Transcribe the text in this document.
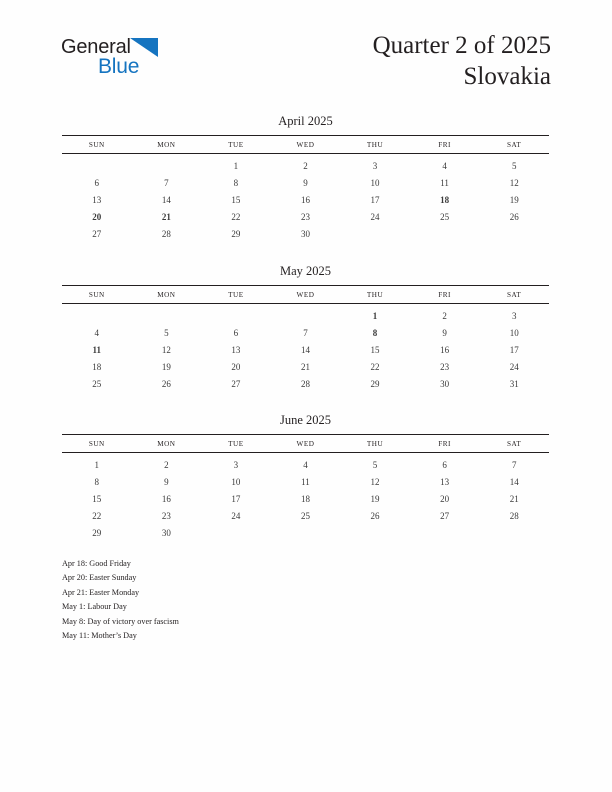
General
Blue
Quarter 2 of 2025
Slovakia
April 2025
SUN	MON	TUE	WED	THU	FRI	SAT
		1	2	3	4	5
6	7	8	9	10	11	12
13	14	15	16	17	18	19
20	21	22	23	24	25	26
27	28	29	30			
May 2025
SUN	MON	TUE	WED	THU	FRI	SAT
				1	2	3
4	5	6	7	8	9	10
11	12	13	14	15	16	17
18	19	20	21	22	23	24
25	26	27	28	29	30	31
June 2025
SUN	MON	TUE	WED	THU	FRI	SAT
1	2	3	4	5	6	7
8	9	10	11	12	13	14
15	16	17	18	19	20	21
22	23	24	25	26	27	28
29	30					
Apr 18: Good Friday
Apr 20: Easter Sunday
Apr 21: Easter Monday
May 1: Labour Day
May 8: Day of victory over fascism
May 11: Mother’s Day
